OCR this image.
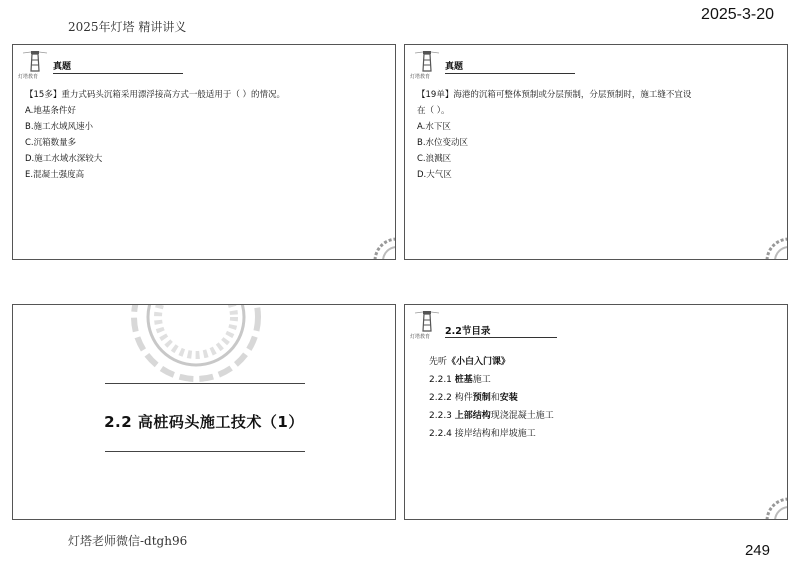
2025年灯塔 精讲讲义
2025-3-20
灯塔教育
真题
【15多】重力式码头沉箱采用漂浮接高方式一般适用于（ ）的情况。
A.地基条件好
B.施工水域风速小
C.沉箱数量多
D.施工水域水深较大
E.混凝土强度高
灯塔教育
真题
【19单】海港的沉箱可整体预制或分层预制，分层预制时，施工缝不宜设
在（ ）。
A.水下区
B.水位变动区
C.浪溅区
D.大气区
2.2 高桩码头施工技术（1）
灯塔教育 2.2节目录
先听《小白入门课》
2.2.1 桩基施工
2.2.2 构件预制和安装
2.2.3 上部结构现浇混凝土施工
2.2.4 接岸结构和岸坡施工
灯塔老师微信-dtgh96
249
